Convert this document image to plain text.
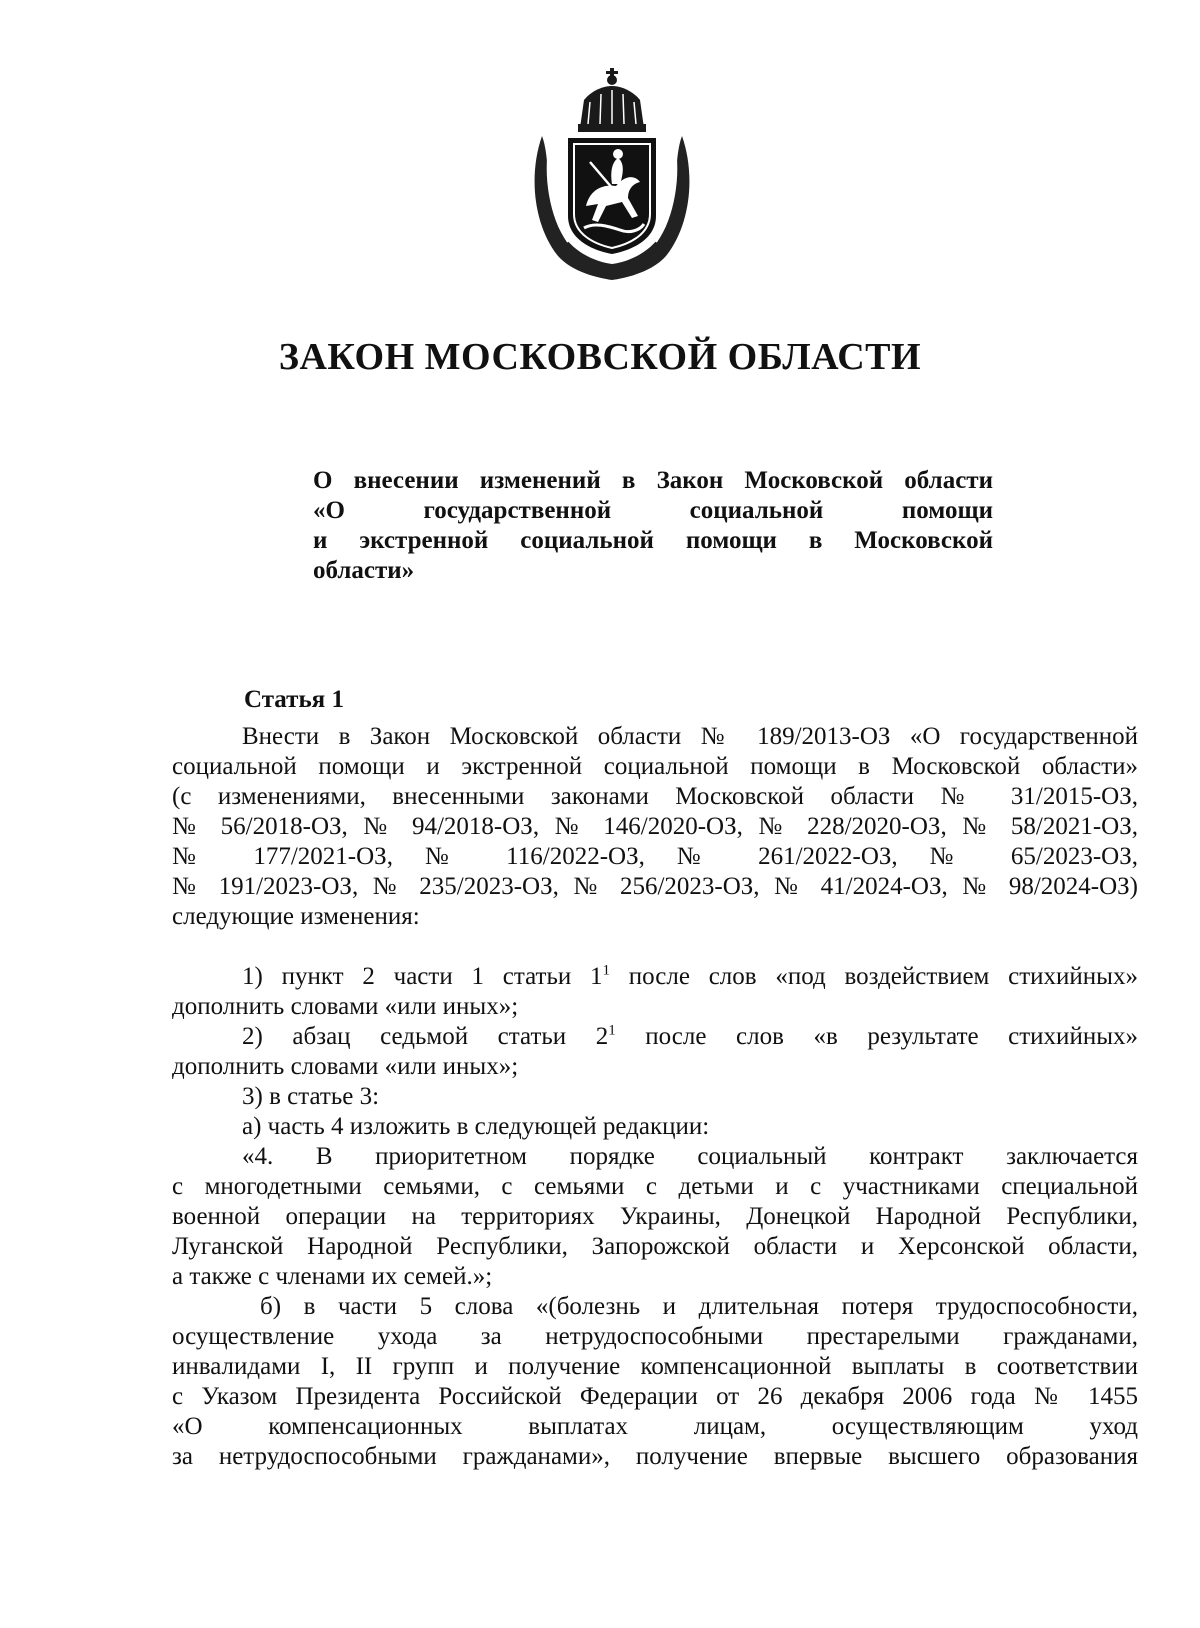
ЗАКОН МОСКОВСКОЙ ОБЛАСТИ
О внесении изменений в Закон Московской области
«О государственной социальной помощи
и экстренной социальной помощи в Московской
области»
Статья 1
Внести в Закон Московской области № 189/2013-ОЗ «О государственной
социальной помощи и экстренной социальной помощи в Московской области»
(с изменениями, внесенными законами Московской области № 31/2015-ОЗ,
№ 56/2018-ОЗ, № 94/2018-ОЗ, № 146/2020-ОЗ, № 228/2020-ОЗ, № 58/2021-ОЗ,
№ 177/2021-ОЗ, № 116/2022-ОЗ, № 261/2022-ОЗ, № 65/2023-ОЗ,
№ 191/2023-ОЗ, № 235/2023-ОЗ, № 256/2023-ОЗ, № 41/2024-ОЗ, № 98/2024-ОЗ)
следующие изменения:
1) пункт 2 части 1 статьи $1^1$ после слов «под воздействием стихийных»
дополнить словами «или иных»;
2) абзац седьмой статьи $2^1$ после слов «в результате стихийных»
дополнить словами «или иных»;
3) в статье 3:
а) часть 4 изложить в следующей редакции:
«4. В приоритетном порядке социальный контракт заключается
с многодетными семьями, с семьями с детьми и с участниками специальной
военной операции на территориях Украины, Донецкой Народной Республики,
Луганской Народной Республики, Запорожской области и Херсонской области,
а также с членами их семей.»;
б) в части 5 слова «(болезнь и длительная потеря трудоспособности,
осуществление ухода за нетрудоспособными престарелыми гражданами,
инвалидами I, II групп и получение компенсационной выплаты в соответствии
с Указом Президента Российской Федерации от 26 декабря 2006 года № 1455
«О компенсационных выплатах лицам, осуществляющим уход
за нетрудоспособными гражданами», получение впервые высшего образования
